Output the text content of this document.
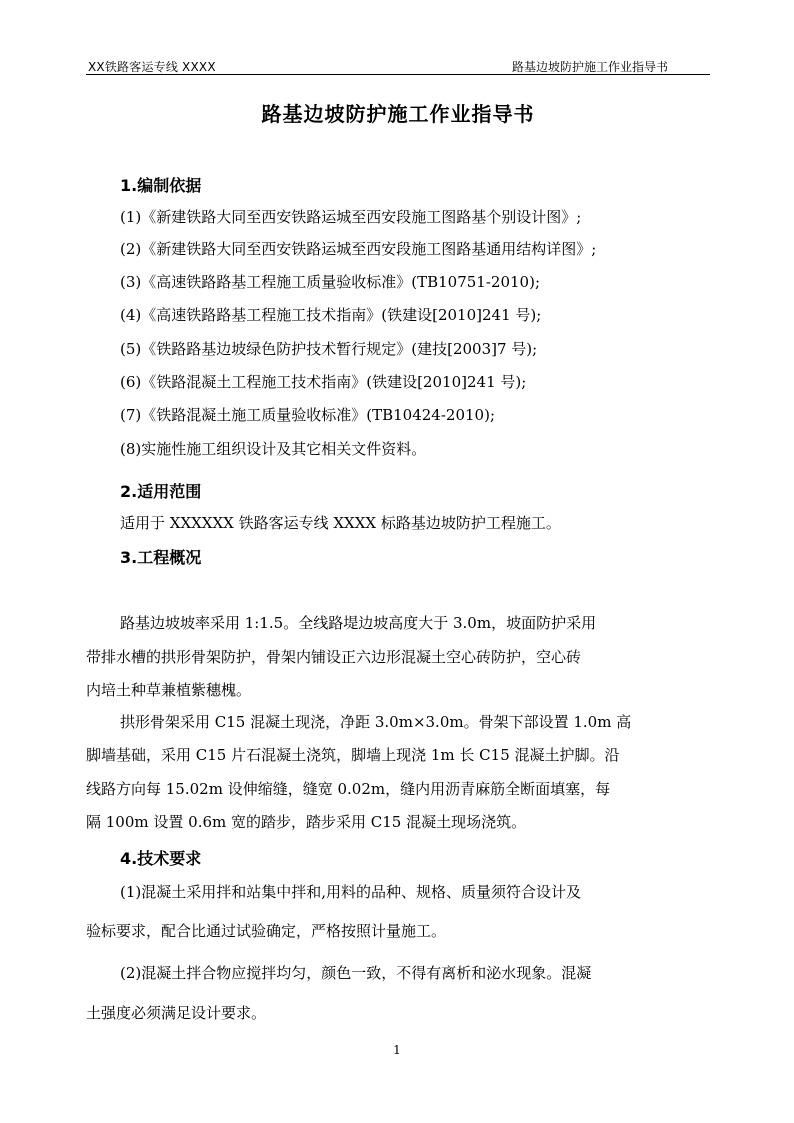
XX铁路客运专线 XXXX	路基边坡防护施工作业指导书
路基边坡防护施工作业指导书
1.编制依据
(1)《新建铁路大同至西安铁路运城至西安段施工图路基个别设计图》;
(2)《新建铁路大同至西安铁路运城至西安段施工图路基通用结构详图》;
(3)《高速铁路路基工程施工质量验收标准》(TB10751-2010);
(4)《高速铁路路基工程施工技术指南》(铁建设[2010]241 号);
(5)《铁路路基边坡绿色防护技术暂行规定》(建技[2003]7 号);
(6)《铁路混凝土工程施工技术指南》(铁建设[2010]241 号);
(7)《铁路混凝土施工质量验收标准》(TB10424-2010);
(8)实施性施工组织设计及其它相关文件资料。
2.适用范围
适用于 XXXXXX 铁路客运专线 XXXX 标路基边坡防护工程施工。
3.工程概况
路基边坡坡率采用 1:1.5。全线路堤边坡高度大于 3.0m，坡面防护采用
带排水槽的拱形骨架防护，骨架内铺设正六边形混凝土空心砖防护，空心砖
内培土种草兼植紫穗槐。
拱形骨架采用 C15 混凝土现浇，净距 3.0m×3.0m。骨架下部设置 1.0m 高
脚墙基础，采用 C15 片石混凝土浇筑，脚墙上现浇 1m 长 C15 混凝土护脚。沿
线路方向每 15.02m 设伸缩缝，缝宽 0.02m，缝内用沥青麻筋全断面填塞，每
隔 100m 设置 0.6m 宽的踏步，踏步采用 C15 混凝土现场浇筑。
4.技术要求
(1)混凝土采用拌和站集中拌和,用料的品种、规格、质量须符合设计及
验标要求，配合比通过试验确定，严格按照计量施工。
(2)混凝土拌合物应搅拌均匀，颜色一致，不得有离析和泌水现象。混凝
土强度必须满足设计要求。
1
